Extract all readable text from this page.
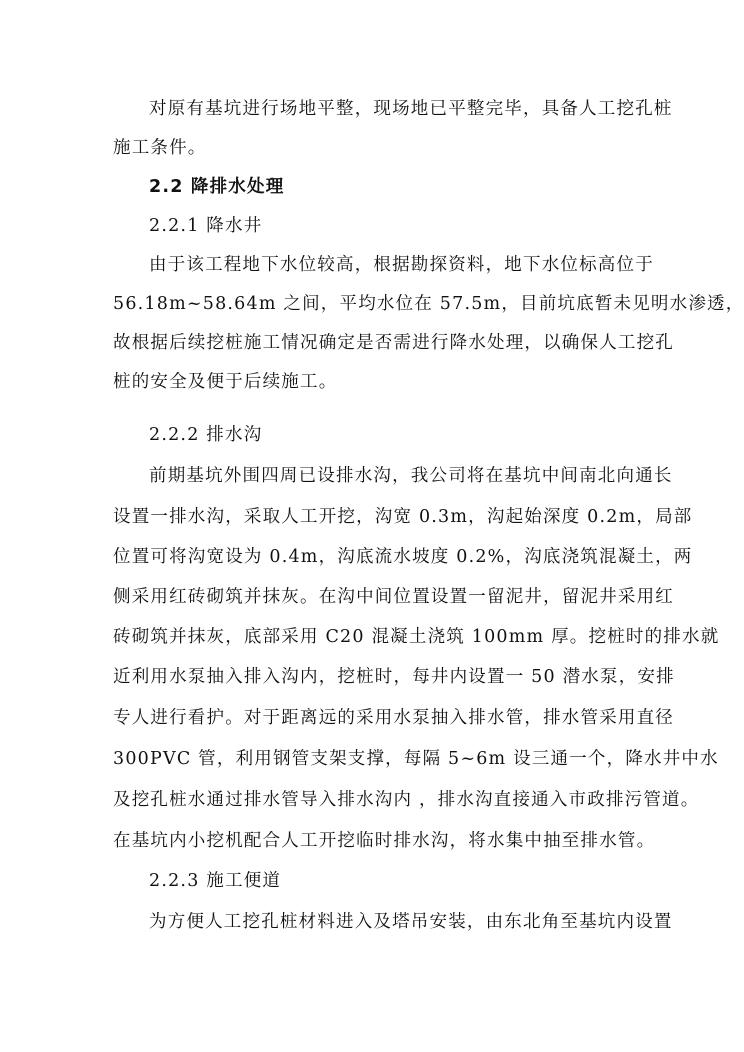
对原有基坑进行场地平整，现场地已平整完毕，具备人工挖孔桩
施工条件。
2.2 降排水处理
2.2.1 降水井
由于该工程地下水位较高，根据勘探资料，地下水位标高位于
56.18m~58.64m 之间，平均水位在 57.5m，目前坑底暂未见明水渗透，
故根据后续挖桩施工情况确定是否需进行降水处理，以确保人工挖孔
桩的安全及便于后续施工。
2.2.2 排水沟
前期基坑外围四周已设排水沟，我公司将在基坑中间南北向通长
设置一排水沟，采取人工开挖，沟宽 0.3m，沟起始深度 0.2m，局部
位置可将沟宽设为 0.4m，沟底流水坡度 0.2%，沟底浇筑混凝土，两
侧采用红砖砌筑并抹灰。在沟中间位置设置一留泥井，留泥井采用红
砖砌筑并抹灰，底部采用 C20 混凝土浇筑 100mm 厚。挖桩时的排水就
近利用水泵抽入排入沟内，挖桩时，每井内设置一 50 潜水泵，安排
专人进行看护。对于距离远的采用水泵抽入排水管，排水管采用直径
300PVC 管，利用钢管支架支撑，每隔 5~6m 设三通一个，降水井中水
及挖孔桩水通过排水管导入排水沟内 ，排水沟直接通入市政排污管道。
在基坑内小挖机配合人工开挖临时排水沟，将水集中抽至排水管。
2.2.3 施工便道
为方便人工挖孔桩材料进入及塔吊安装，由东北角至基坑内设置
